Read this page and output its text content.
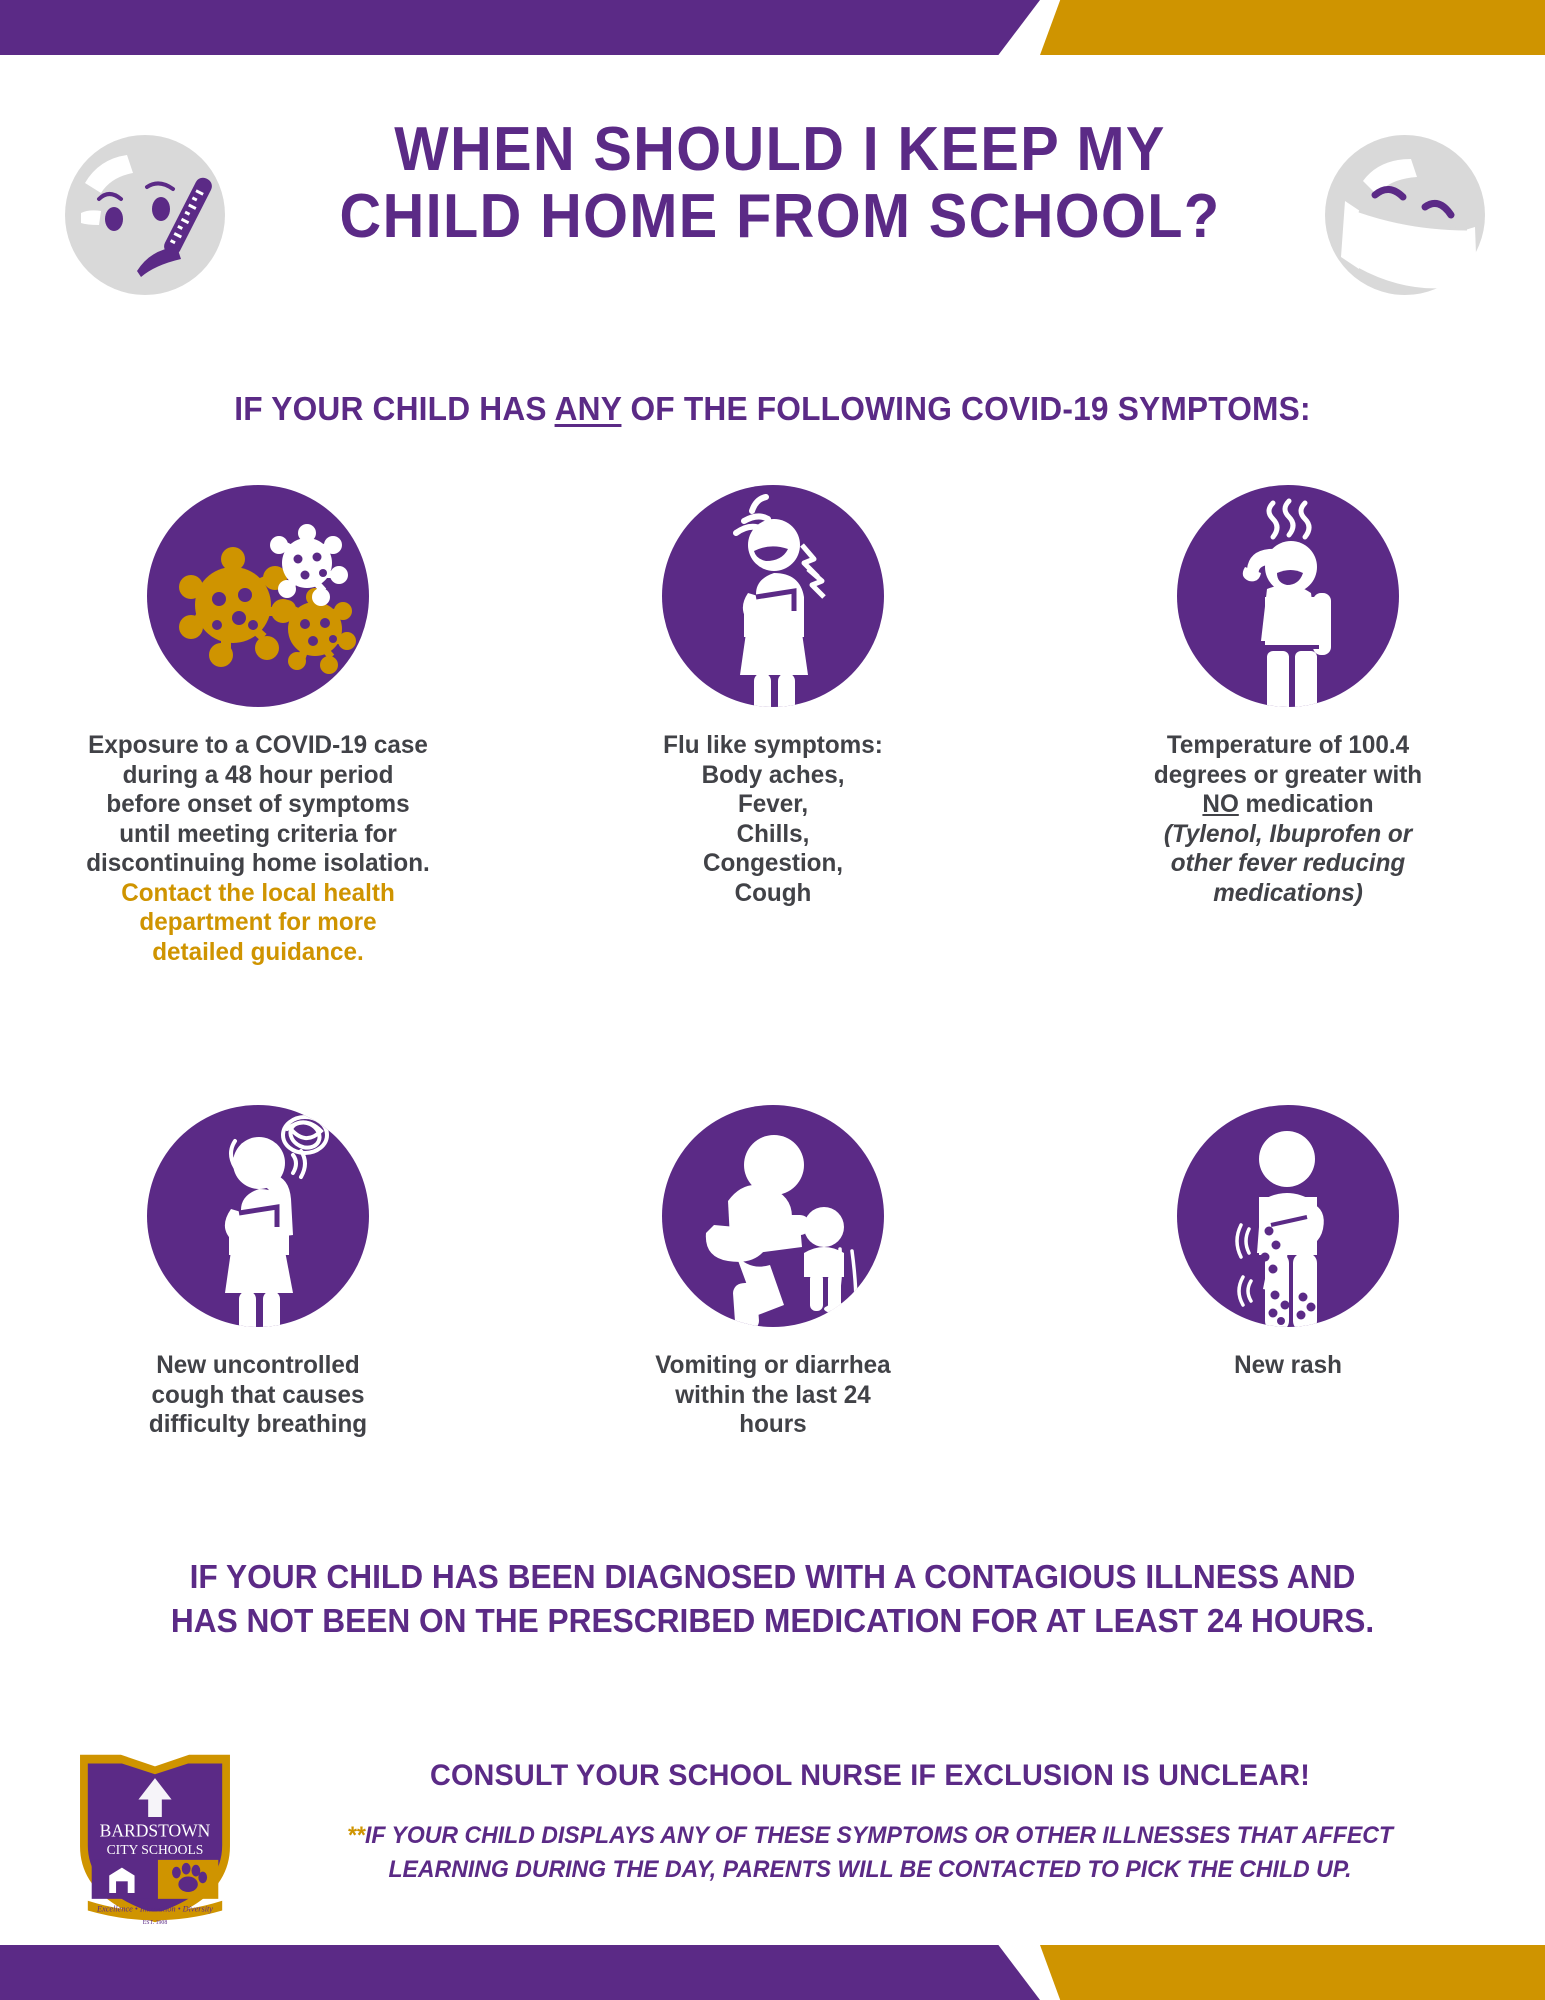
WHEN SHOULD I KEEP MY
CHILD HOME FROM SCHOOL?
IF YOUR CHILD HAS ANY OF THE FOLLOWING COVID-19 SYMPTOMS:
Exposure to a COVID-19 case
during a 48 hour period
before onset of symptoms
until meeting criteria for
discontinuing home isolation.
Contact the local health
department for more
detailed guidance.
Flu like symptoms:
Body aches,
Fever,
Chills,
Congestion,
Cough
Temperature of 100.4
degrees or greater with
NO medication
(Tylenol, Ibuprofen or
other fever reducing
medications)
New uncontrolled
cough that causes
difficulty breathing
Vomiting or diarrhea
within the last 24
hours
New rash
IF YOUR CHILD HAS BEEN DIAGNOSED WITH A CONTAGIOUS ILLNESS AND
HAS NOT BEEN ON THE PRESCRIBED MEDICATION FOR AT LEAST 24 HOURS.
BARDSTOWN
CITY SCHOOLS
Excellence • Innovation • Diversity
EST. 1908
CONSULT YOUR SCHOOL NURSE IF EXCLUSION IS UNCLEAR!
**IF YOUR CHILD DISPLAYS ANY OF THESE SYMPTOMS OR OTHER ILLNESSES THAT AFFECT
LEARNING DURING THE DAY, PARENTS WILL BE CONTACTED TO PICK THE CHILD UP.
